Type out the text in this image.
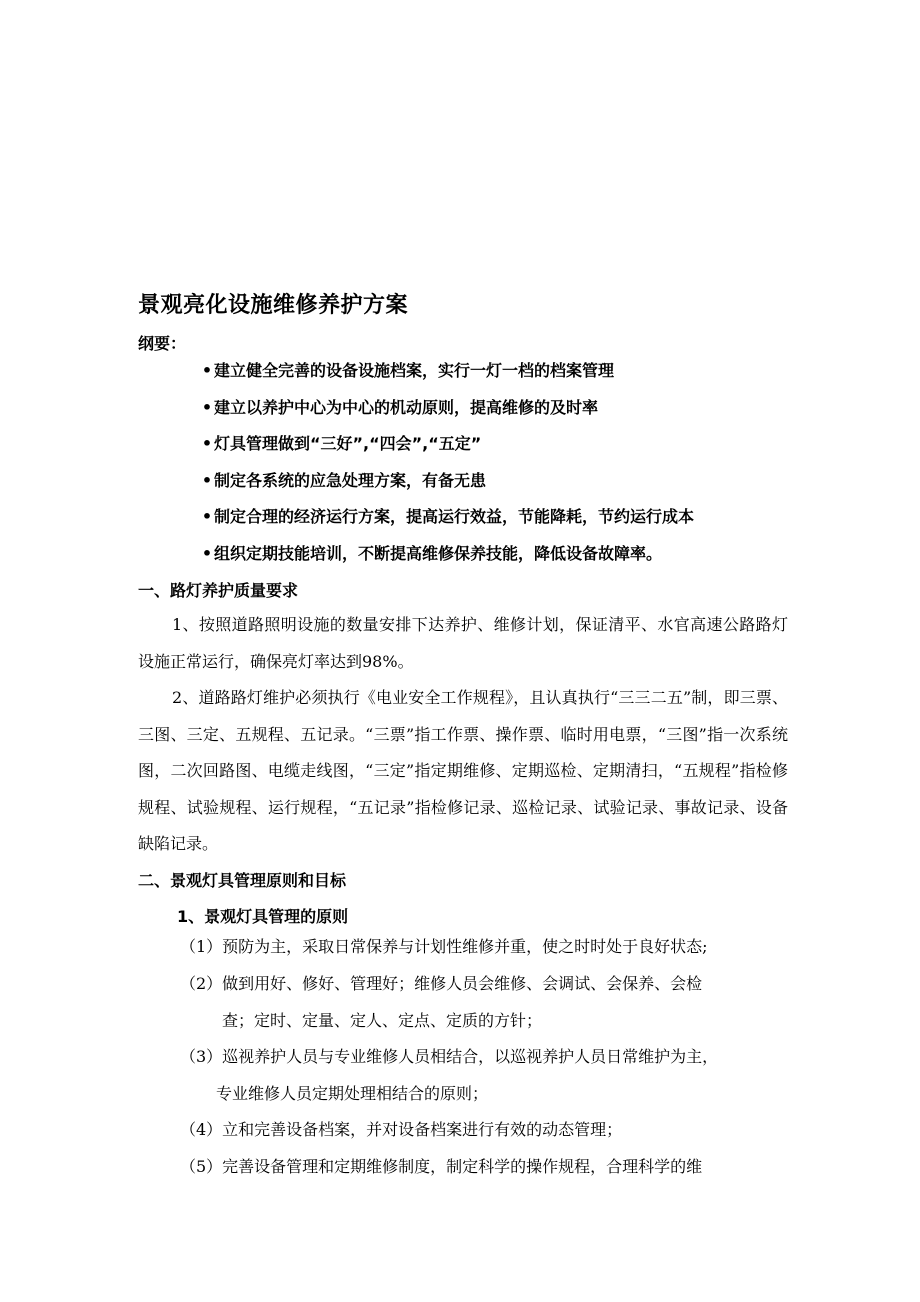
景观亮化设施维修养护方案
纲要：
• 建立健全完善的设备设施档案，实行一灯一档的档案管理
• 建立以养护中心为中心的机动原则，提高维修的及时率
• 灯具管理做到“三好”,“四会”,“五定”
• 制定各系统的应急处理方案，有备无患
• 制定合理的经济运行方案，提高运行效益，节能降耗，节约运行成本
• 组织定期技能培训，不断提高维修保养技能，降低设备故障率。
一、路灯养护质量要求

1、按照道路照明设施的数量安排下达养护、维修计划，保证清平、水官高速公路路灯设施正常运行，确保亮灯率达到98%。

2、道路路灯维护必须执行《电业安全工作规程》，且认真执行“三三二五”制，即三票、三图、三定、五规程、五记录。“三票”指工作票、操作票、临时用电票，“三图”指一次系统图，二次回路图、电缆走线图，“三定”指定期维修、定期巡检、定期清扫，“五规程”指检修规程、试验规程、运行规程，“五记录”指检修记录、巡检记录、试验记录、事故记录、设备缺陷记录。

二、景观灯具管理原则和目标
1、景观灯具管理的原则

（1）预防为主，采取日常保养与计划性维修并重，使之时时处于良好状态;

（2）做到用好、修好、管理好；维修人员会维修、会调试、会保养、会检
查；定时、定量、定人、定点、定质的方针；

（3）巡视养护人员与专业维修人员相结合，以巡视养护人员日常维护为主，
专业维修人员定期处理相结合的原则；

（4）立和完善设备档案，并对设备档案进行有效的动态管理；

（5）完善设备管理和定期维修制度，制定科学的操作规程，合理科学的维
